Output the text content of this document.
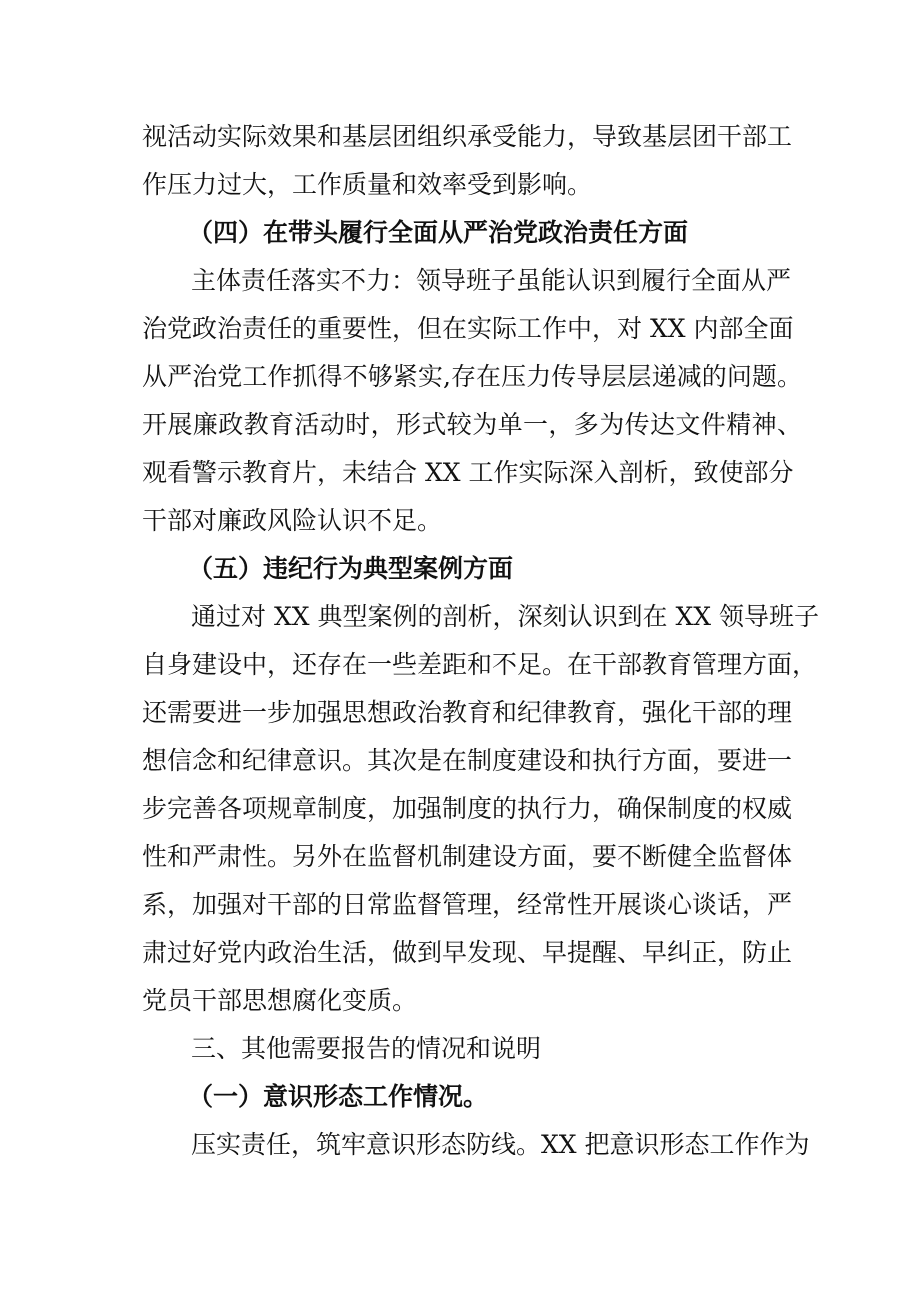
视活动实际效果和基层团组织承受能力，导致基层团干部工
作压力过大，工作质量和效率受到影响。
（四）在带头履行全面从严治党政治责任方面
主体责任落实不力：领导班子虽能认识到履行全面从严
治党政治责任的重要性，但在实际工作中，对 XX 内部全面
从严治党工作抓得不够紧实,存在压力传导层层递减的问题。
开展廉政教育活动时，形式较为单一，多为传达文件精神、
观看警示教育片，未结合 XX 工作实际深入剖析，致使部分
干部对廉政风险认识不足。
（五）违纪行为典型案例方面
通过对 XX 典型案例的剖析，深刻认识到在 XX 领导班子
自身建设中，还存在一些差距和不足。在干部教育管理方面，
还需要进一步加强思想政治教育和纪律教育，强化干部的理
想信念和纪律意识。其次是在制度建设和执行方面，要进一
步完善各项规章制度，加强制度的执行力，确保制度的权威
性和严肃性。另外在监督机制建设方面，要不断健全监督体
系，加强对干部的日常监督管理，经常性开展谈心谈话，严
肃过好党内政治生活，做到早发现、早提醒、早纠正，防止
党员干部思想腐化变质。
三、其他需要报告的情况和说明
（一）意识形态工作情况。
压实责任，筑牢意识形态防线。XX 把意识形态工作作为
